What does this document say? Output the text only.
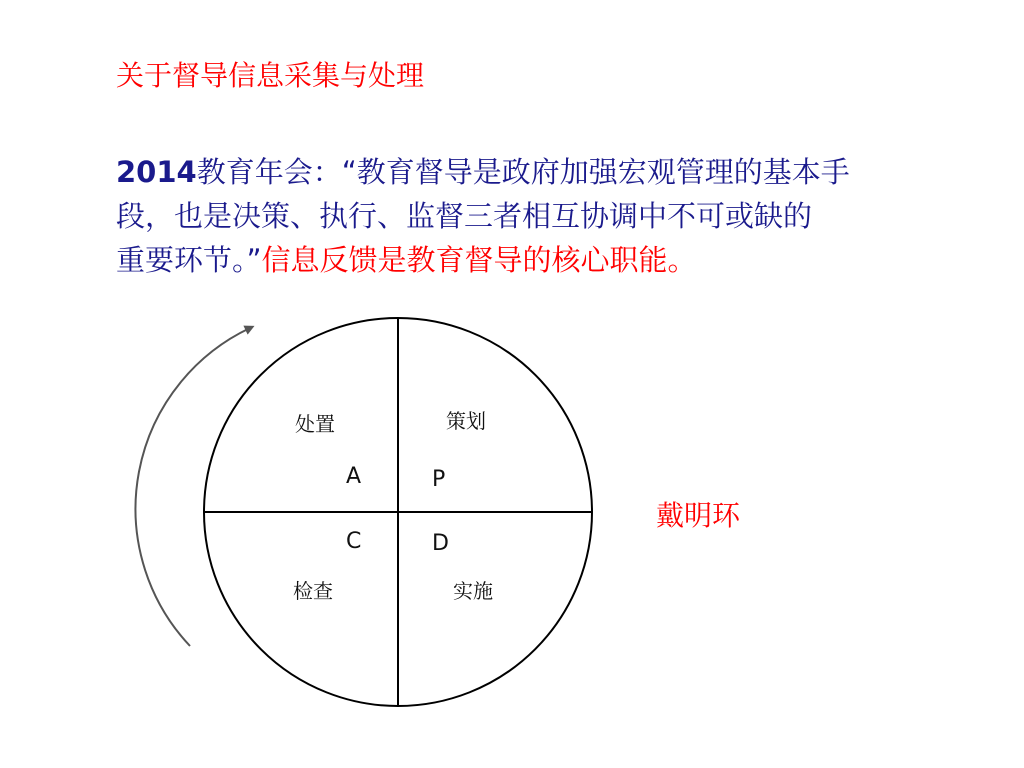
关于督导信息采集与处理
2014教育年会：“教育督导是政府加强宏观管理的基本手
段，也是决策、执行、监督三者相互协调中不可或缺的
重要环节。”信息反馈是教育督导的核心职能。
处置
A
策划
P
实施
D
检查
C
戴明环
